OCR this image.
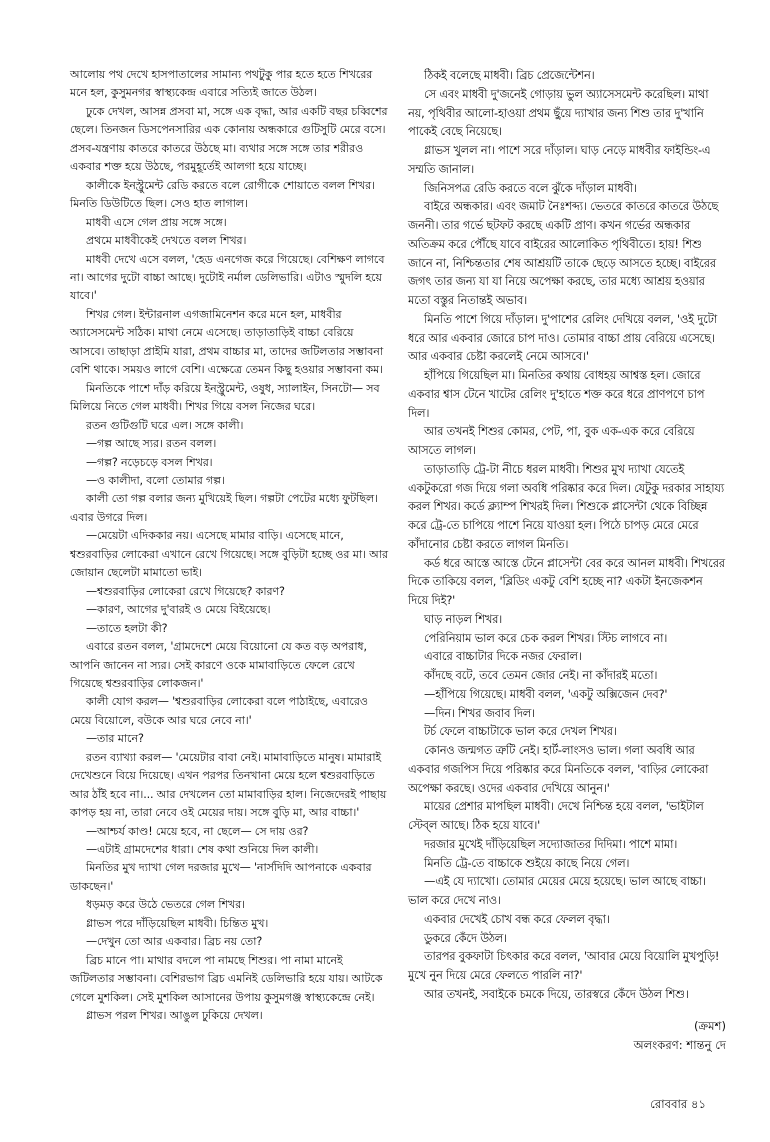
আলোয় পথ দেখে হাসপাতালের সামান্য পথটুকু পার হতে হতে শিখরের মনে হল, কুসুমনগর স্বাস্থ্যকেন্দ্র এবারে সত্যিই জাতে উঠল।

ঢুকে দেখল, আসন্ন প্রসবা মা, সঙ্গে এক বৃদ্ধা, আর একটি বছর চব্বিশের ছেলে। তিনজন ডিসপেনসারির এক কোনায় অন্ধকারে গুটিসুটি মেরে বসে। প্রসব-যন্ত্রণায় কাতরে কাতরে উঠছে মা। ব্যথার সঙ্গে সঙ্গে তার শরীরও একবার শক্ত হয়ে উঠছে, পরমুহূর্তেই আলগা হয়ে যাচ্ছে।

কালীকে ইনস্ট্রুমেন্ট রেডি করতে বলে রোগীকে শোয়াতে বলল শিখর। মিনতি ডিউটিতে ছিল। সেও হাত লাগাল।

মাধবী এসে গেল প্রায় সঙ্গে সঙ্গে।

প্রথমে মাধবীকেই দেখতে বলল শিখর।

মাধবী দেখে এসে বলল, 'হেড এনগেজ করে গিয়েছে। বেশিক্ষণ লাগবে না। আগের দুটো বাচ্চা আছে। দুটোই নর্মাল ডেলিভারি। এটাও স্মুদলি হয়ে যাবে।'

শিখর গেল। ইন্টারনাল এগজামিনেশন করে মনে হল, মাধবীর অ্যাসেসমেন্ট সঠিক। মাথা নেমে এসেছে। তাড়াতাড়িই বাচ্চা বেরিয়ে আসবে। তাছাড়া প্রাইমি যারা, প্রথম বাচ্চার মা, তাদের জটিলতার সম্ভাবনা বেশি থাকে। সময়ও লাগে বেশি। এক্ষেত্রে তেমন কিছু হওয়ার সম্ভাবনা কম।

মিনতিকে পাশে দাঁড় করিয়ে ইনস্ট্রুমেন্ট, ওষুধ, স্যালাইন, সিনটো— সব মিলিয়ে নিতে গেল মাধবী। শিখর গিয়ে বসল নিজের ঘরে।

রতন গুটিগুটি ঘরে এল। সঙ্গে কালী।

—গল্প আছে স্যর। রতন বলল।

—গল্প? নড়েচড়ে বসল শিখর।

—ও কালীদা, বলো তোমার গল্প।

কালী তো গল্প বলার জন্য মুখিয়েই ছিল। গল্পটা পেটের মধ্যে ফুটছিল। এবার উগরে দিল।

—মেয়েটা এদিককার নয়। এসেছে মামার বাড়ি। এসেছে মানে, শ্বশুরবাড়ির লোকেরা এখানে রেখে গিয়েছে। সঙ্গে বুড়িটা হচ্ছে ওর মা। আর জোয়ান ছেলেটা মামাতো ভাই।

—শ্বশুরবাড়ির লোকেরা রেখে গিয়েছে? কারণ?

—কারণ, আগের দু'বারই ও মেয়ে বিইয়েছে।

—তাতে হলটা কী?

এবারে রতন বলল, 'গ্রামদেশে মেয়ে বিয়োনো যে কত বড় অপরাধ, আপনি জানেন না স্যর। সেই কারণে ওকে মামাবাড়িতে ফেলে রেখে গিয়েছে শ্বশুরবাড়ির লোকজন।'

কালী যোগ করল— 'শ্বশুরবাড়ির লোকেরা বলে পাঠাইছে, এবারেও মেয়ে বিয়োলে, বউকে আর ঘরে নেবে না।'

—তার মানে?

রতন ব্যাখ্যা করল— 'মেয়েটার বাবা নেই। মামাবাড়িতে মানুষ। মামারাই দেখেশুনে বিয়ে দিয়েছে। এখন পরপর তিনখানা মেয়ে হলে শ্বশুরবাড়িতে আর ঠাঁই হবে না।... আর দেখলেন তো মামাবাড়ির হাল। নিজেদেরই পাছায় কাপড় হয় না, তারা নেবে ওই মেয়ের দায়। সঙ্গে বুড়ি মা, আর বাচ্চা।'

—আশ্চর্য কাণ্ড! মেয়ে হবে, না ছেলে— সে দায় ওর?

—এটাই গ্রামদেশের ধারা। শেষ কথা শুনিয়ে দিল কালী।

মিনতির মুখ দ্যাখা গেল দরজার মুখে— 'নার্সদিদি আপনাকে একবার ডাকছেন।'

ধড়মড় করে উঠে ভেতরে গেল শিখর।

গ্লাভস পরে দাঁড়িয়েছিল মাধবী। চিন্তিত মুখ।

—দেখুন তো আর একবার। ব্রিচ নয় তো?

ব্রিচ মানে পা। মাথার বদলে পা নামছে শিশুর। পা নামা মানেই জটিলতার সম্ভাবনা। বেশিরভাগ ব্রিচ এমনিই ডেলিভারি হয়ে যায়। আটকে গেলে মুশকিল। সেই মুশকিল আসানের উপায় কুসুমগঞ্জ স্বাস্থ্যকেন্দ্রে নেই।

গ্লাভস পরল শিখর। আঙুল ঢুকিয়ে দেখল।

ঠিকই বলেছে মাধবী। ব্রিচ প্রেজেন্টেশন।

সে এবং মাধবী দু'জনেই গোড়ায় ভুল অ্যাসেসমেন্ট করেছিল। মাথা নয়, পৃথিবীর আলো-হাওয়া প্রথম ছুঁয়ে দ্যাখার জন্য শিশু তার দু'খানি পাকেই বেছে নিয়েছে।

গ্লাভস খুলল না। পাশে সরে দাঁড়াল। ঘাড় নেড়ে মাধবীর ফাইন্ডিং-এ সম্মতি জানাল।

জিনিসপত্র রেডি করতে বলে ঝুঁকে দাঁড়াল মাধবী।

বাইরে অন্ধকার। এবং জমাট নৈঃশব্দ্য। ভেতরে কাতরে কাতরে উঠছে জননী। তার গর্ভে ছটফট করছে একটি প্রাণ। কখন গর্ভের অন্ধকার অতিক্রম করে পৌঁছে যাবে বাইরের আলোকিত পৃথিবীতে। হায়! শিশু জানে না, নিশ্চিন্ততার শেষ আশ্রয়টি তাকে ছেড়ে আসতে হচ্ছে। বাইরের জগৎ তার জন্য যা যা নিয়ে অপেক্ষা করছে, তার মধ্যে আশ্রয় হওয়ার মতো বস্তুর নিতান্তই অভাব।

মিনতি পাশে গিয়ে দাঁড়াল। দু'পাশের রেলিং দেখিয়ে বলল, 'ওই দুটো ধরে আর একবার জোরে চাপ দাও। তোমার বাচ্চা প্রায় বেরিয়ে এসেছে। আর একবার চেষ্টা করলেই নেমে আসবে।'

হাঁপিয়ে গিয়েছিল মা। মিনতির কথায় বোধহয় আশ্বস্ত হল। জোরে একবার শ্বাস টেনে খাটের রেলিং দু'হাতে শক্ত করে ধরে প্রাণপণে চাপ দিল।

আর তখনই শিশুর কোমর, পেট, পা, বুক এক-এক করে বেরিয়ে আসতে লাগল।

তাড়াতাড়ি ট্রে-টা নীচে ধরল মাধবী। শিশুর মুখ দ্যাখা যেতেই একটুকরো গজ দিয়ে গলা অবধি পরিষ্কার করে দিল। যেটুকু দরকার সাহায্য করল শিখর। কর্ডে ক্ল্যাম্প শিখরই দিল। শিশুকে প্লাসেন্টা থেকে বিচ্ছিন্ন করে ট্রে-তে চাপিয়ে পাশে নিয়ে যাওয়া হল। পিঠে চাপড় মেরে মেরে কাঁদানোর চেষ্টা করতে লাগল মিনতি।

কর্ড ধরে আস্তে আস্তে টেনে প্লাসেন্টা বের করে আনল মাধবী। শিখরের দিকে তাকিয়ে বলল, 'ব্লিডিং একটু বেশি হচ্ছে না? একটা ইনজেকশন দিয়ে দিই?'

ঘাড় নাড়ল শিখর।

পেরিনিয়াম ভাল করে চেক করল শিখর। স্টিচ লাগবে না।

এবারে বাচ্চাটার দিকে নজর ফেরাল।

কাঁদছে বটে, তবে তেমন জোর নেই। না কাঁদারই মতো।

—হাঁপিয়ে গিয়েছে। মাধবী বলল, 'একটু অক্সিজেন দেব?'

—দিন। শিখর জবাব দিল।

টর্চ ফেলে বাচ্চাটাকে ভাল করে দেখল শিখর।

কোনও জন্মগত ত্রুটি নেই। হার্ট-লাংসও ভাল। গলা অবধি আর একবার গজপিস দিয়ে পরিষ্কার করে মিনতিকে বলল, 'বাড়ির লোকেরা অপেক্ষা করছে। ওদের একবার দেখিয়ে আনুন।'

মায়ের প্রেশার মাপছিল মাধবী। দেখে নিশ্চিন্ত হয়ে বলল, 'ভাইটাল স্টেব্‌ল আছে। ঠিক হয়ে যাবে।'

দরজার মুখেই দাঁড়িয়েছিল সদ্যোজাতর দিদিমা। পাশে মামা।

মিনতি ট্রে-তে বাচ্চাকে শুইয়ে কাছে নিয়ে গেল।

—এই যে দ্যাখো। তোমার মেয়ের মেয়ে হয়েছে। ভাল আছে বাচ্চা। ভাল করে দেখে নাও।

একবার দেখেই চোখ বন্ধ করে ফেলল বৃদ্ধা।

ডুকরে কেঁদে উঠল।

তারপর বুকফাটা চিৎকার করে বলল, 'আবার মেয়ে বিয়োলি মুখপুড়ি! মুখে নুন দিয়ে মেরে ফেলতে পারলি না?'

আর তখনই, সবাইকে চমকে দিয়ে, তারস্বরে কেঁদে উঠল শিশু।

(ক্রমশ)
অলংকরণ: শান্তনু দে
রোববার ৪১
